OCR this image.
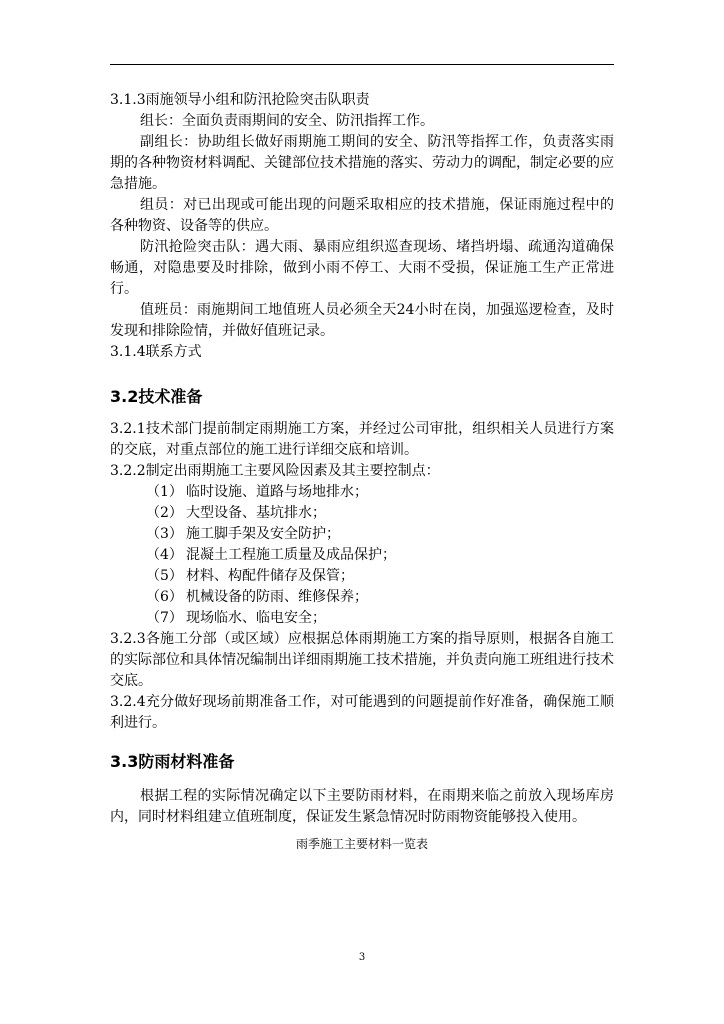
3.1.3雨施领导小组和防汛抢险突击队职责

组长：全面负责雨期间的安全、防汛指挥工作。

副组长：协助组长做好雨期施工期间的安全、防汛等指挥工作，负责落实雨期的各种物资材料调配、关键部位技术措施的落实、劳动力的调配，制定必要的应急措施。

组员：对已出现或可能出现的问题采取相应的技术措施，保证雨施过程中的各种物资、设备等的供应。

防汛抢险突击队：遇大雨、暴雨应组织巡查现场、堵挡坍塌、疏通沟道确保畅通，对隐患要及时排除，做到小雨不停工、大雨不受损，保证施工生产正常进行。

值班员：雨施期间工地值班人员必须全天24小时在岗，加强巡逻检查，及时发现和排除险情，并做好值班记录。

3.1.4联系方式

3.2技术准备

3.2.1技术部门提前制定雨期施工方案，并经过公司审批，组织相关人员进行方案的交底，对重点部位的施工进行详细交底和培训。

3.2.2制定出雨期施工主要风险因素及其主要控制点：

（1） 临时设施、道路与场地排水；

（2） 大型设备、基坑排水；

（3） 施工脚手架及安全防护；

（4） 混凝土工程施工质量及成品保护；

（5） 材料、构配件储存及保管；

（6） 机械设备的防雨、维修保养；

（7） 现场临水、临电安全；

3.2.3各施工分部（或区域）应根据总体雨期施工方案的指导原则，根据各自施工的实际部位和具体情况编制出详细雨期施工技术措施，并负责向施工班组进行技术交底。

3.2.4充分做好现场前期准备工作，对可能遇到的问题提前作好准备，确保施工顺利进行。

3.3防雨材料准备

根据工程的实际情况确定以下主要防雨材料，在雨期来临之前放入现场库房内，同时材料组建立值班制度，保证发生紧急情况时防雨物资能够投入使用。

雨季施工主要材料一览表

3
